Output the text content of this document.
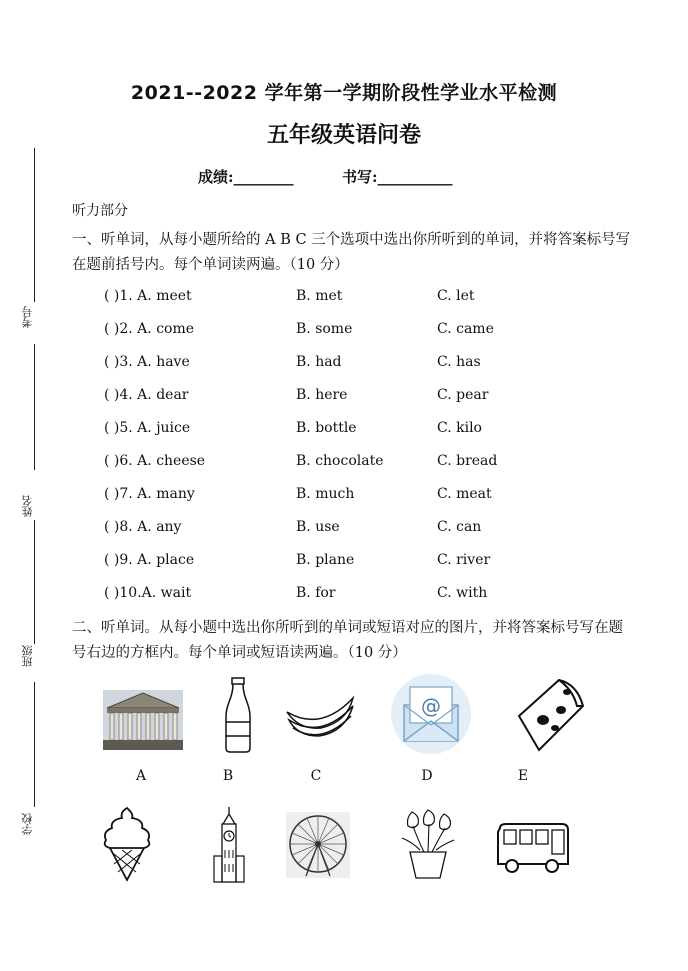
2021--2022 学年第一学期阶段性学业水平检测
五年级英语问卷
成绩:________	书写:__________
考号
姓名
班级
学校
听力部分
一、听单词，从每小题所给的 A B C 三个选项中选出你所听到的单词，并将答案标号写在题前括号内。每个单词读两遍。（10 分）
( )1. A. meet	B. met	C. let
( )2. A. come	B. some	C. came
( )3. A. have	B. had	C. has
( )4. A. dear	B. here	C. pear
( )5. A. juice	B. bottle	C. kilo
( )6. A. cheese	B. chocolate	C. bread
( )7. A. many	B. much	C. meat
( )8. A. any	B. use	C. can
( )9. A. place	B. plane	C. river
( )10.A. wait	B. for	C. with
二、听单词。从每小题中选出你所听到的单词或短语对应的图片，并将答案标号写在题号右边的方框内。每个单词或短语读两遍。（10 分）
@
A	B	C	D	E
